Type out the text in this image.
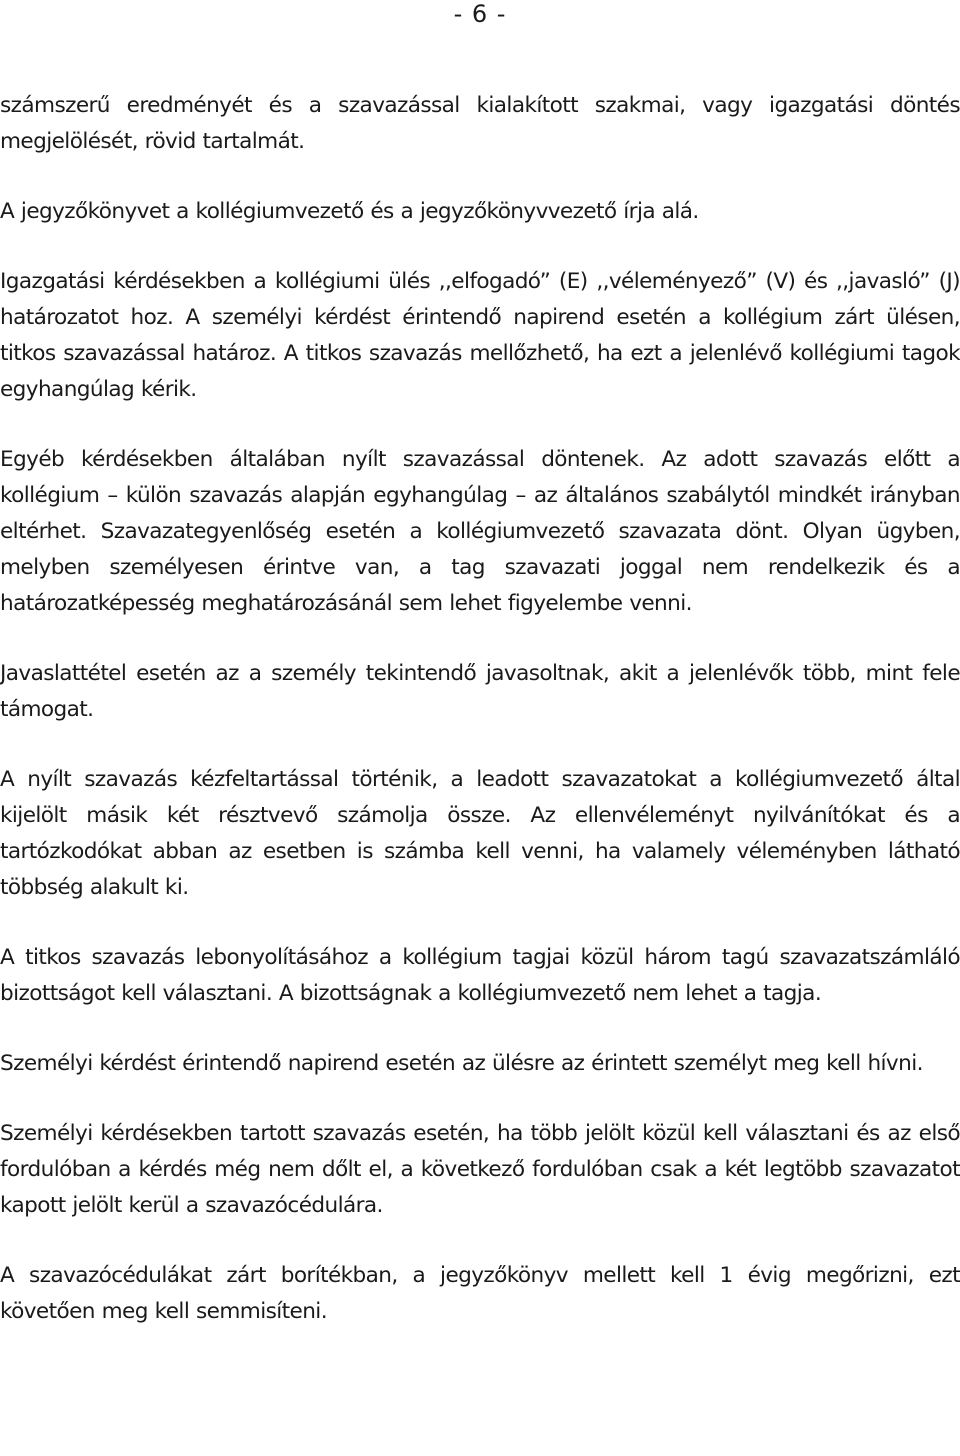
- 6 -

számszerű eredményét és a szavazással kialakított szakmai, vagy igazgatási döntés megjelölését, rövid tartalmát.

A jegyzőkönyvet a kollégiumvezető és a jegyzőkönyvvezető írja alá.

Igazgatási kérdésekben a kollégiumi ülés ,,elfogadó” (E) ,,véleményező” (V) és ,,javasló” (J) határozatot hoz. A személyi kérdést érintendő napirend esetén a kollégium zárt ülésen, titkos szavazással határoz. A titkos szavazás mellőzhető, ha ezt a jelenlévő kollégiumi tagok egyhangúlag kérik.

Egyéb kérdésekben általában nyílt szavazással döntenek. Az adott szavazás előtt a kollégium – külön szavazás alapján egyhangúlag – az általános szabálytól mindkét irányban eltérhet. Szavazategyenlőség esetén a kollégiumvezető szavazata dönt. Olyan ügyben, melyben személyesen érintve van, a tag szavazati joggal nem rendelkezik és a határozatképesség meghatározásánál sem lehet figyelembe venni.

Javaslattétel esetén az a személy tekintendő javasoltnak, akit a jelenlévők több, mint fele támogat.

A nyílt szavazás kézfeltartással történik, a leadott szavazatokat a kollégiumvezető által kijelölt másik két résztvevő számolja össze. Az ellenvéleményt nyilvánítókat és a tartózkodókat abban az esetben is számba kell venni, ha valamely véleményben látható többség alakult ki.

A titkos szavazás lebonyolításához a kollégium tagjai közül három tagú szavazatszámláló bizottságot kell választani. A bizottságnak a kollégiumvezető nem lehet a tagja.

Személyi kérdést érintendő napirend esetén az ülésre az érintett személyt meg kell hívni.

Személyi kérdésekben tartott szavazás esetén, ha több jelölt közül kell választani és az első fordulóban a kérdés még nem dőlt el, a következő fordulóban csak a két legtöbb szavazatot kapott jelölt kerül a szavazócédulára.

A szavazócédulákat zárt borítékban, a jegyzőkönyv mellett kell 1 évig megőrizni, ezt követően meg kell semmisíteni.
